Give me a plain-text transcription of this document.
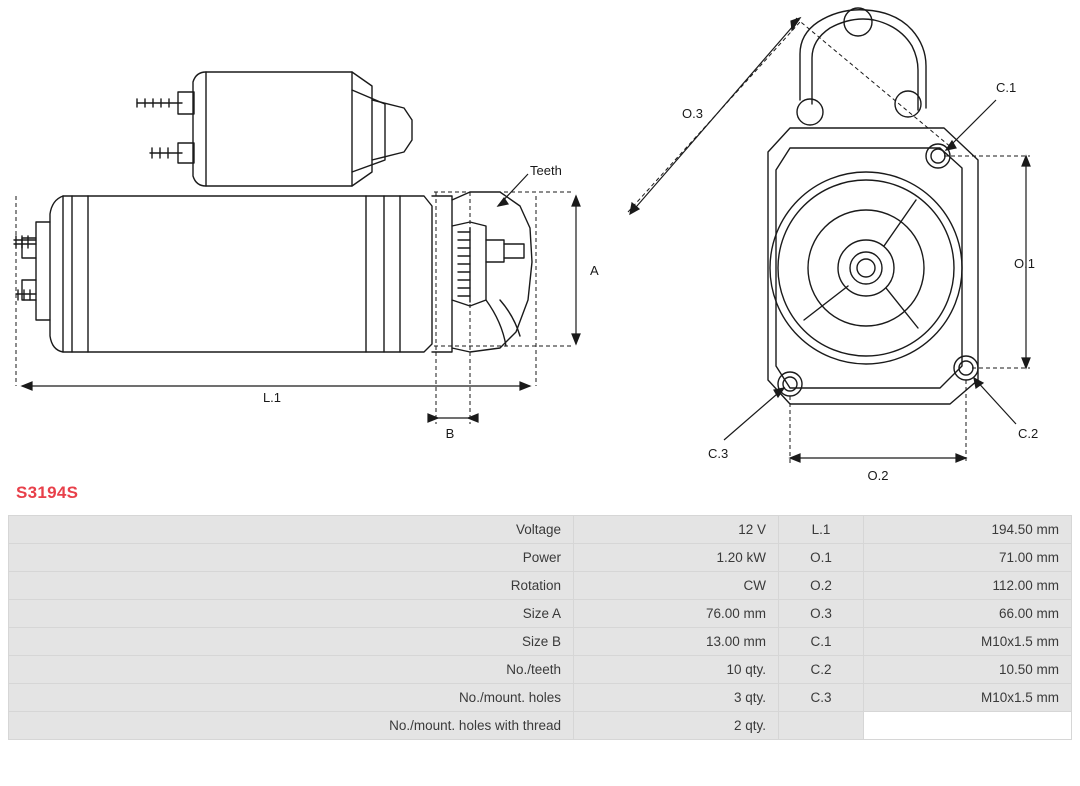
L.1
A
B
Teeth
O.1
O.2
O.3
C.1
C.2
C.3
S3194S
Voltage	12 V	L.1	194.50 mm
Power	1.20 kW	O.1	71.00 mm
Rotation	CW	O.2	112.00 mm
Size A	76.00 mm	O.3	66.00 mm
Size B	13.00 mm	C.1	M10x1.5 mm
No./teeth	10 qty.	C.2	10.50 mm
No./mount. holes	3 qty.	C.3	M10x1.5 mm
No./mount. holes with thread	2 qty.		
